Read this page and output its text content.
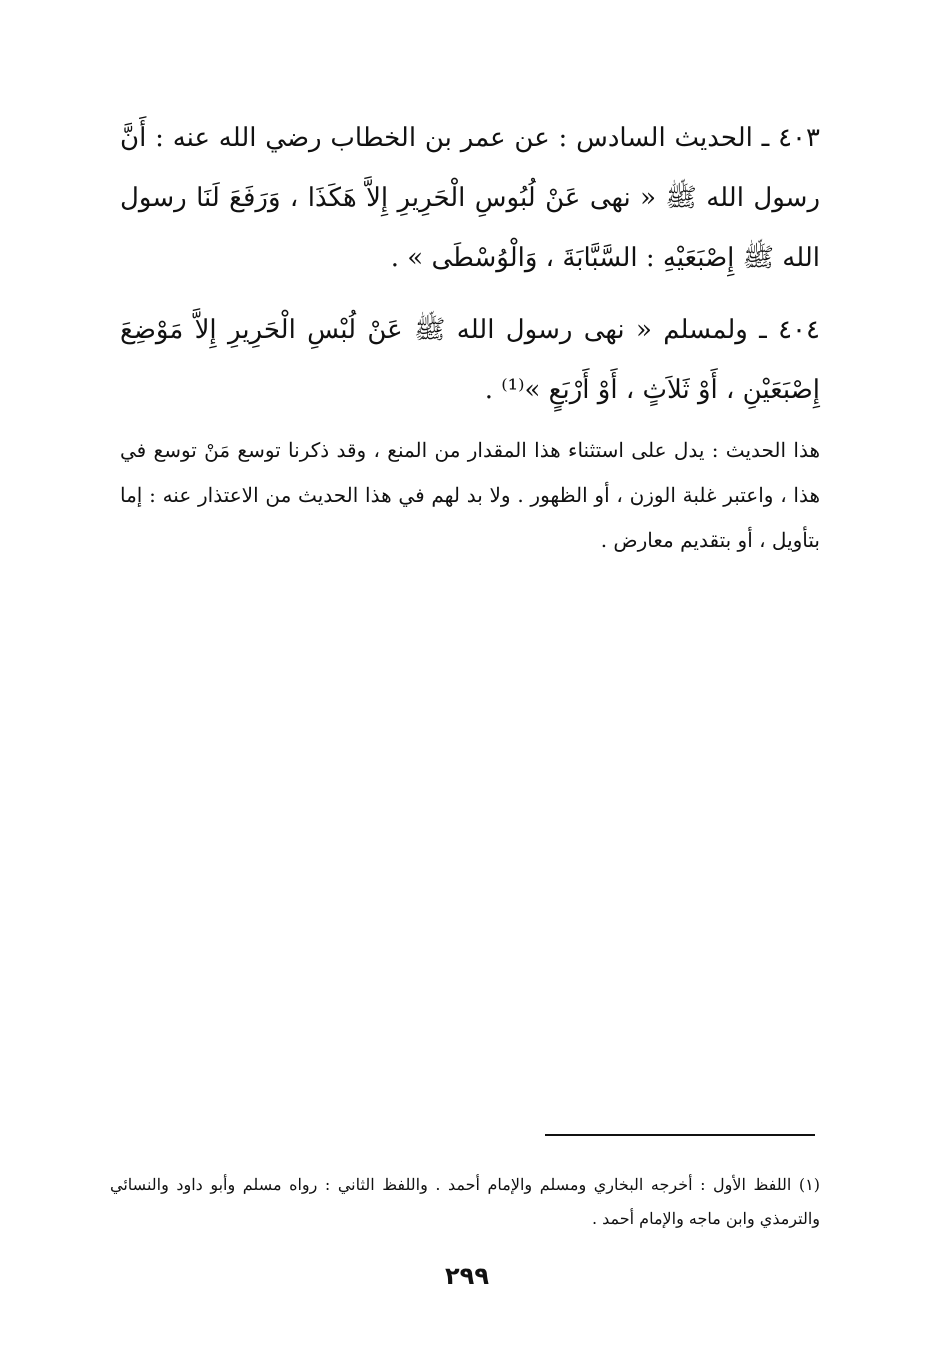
٤٠٣ ـ الحديث السادس : عن عمر بن الخطاب رضي الله عنه : أَنَّ رسول الله ﷺ « نهى عَنْ لُبُوسِ الْحَرِيرِ إِلاَّ هَكَذَا ، وَرَفَعَ لَنَا رسول الله ﷺ إِصْبَعَيْهِ : السَّبَّابَةَ ، وَالْوُسْطَى » .

٤٠٤ ـ ولمسلم « نهى رسول الله ﷺ عَنْ لُبْسِ الْحَرِيرِ إِلاَّ مَوْضِعَ إِصْبَعَيْنِ ، أَوْ ثَلاَثٍ ، أَوْ أَرْبَعٍ »⁽¹⁾ .

هذا الحديث : يدل على استثناء هذا المقدار من المنع ، وقد ذكرنا توسع مَنْ توسع في هذا ، واعتبر غلبة الوزن ، أو الظهور . ولا بد لهم في هذا الحديث من الاعتذار عنه : إما بتأويل ، أو بتقديم معارض .

(١) اللفظ الأول : أخرجه البخاري ومسلم والإمام أحمد . واللفظ الثاني : رواه مسلم وأبو داود والنسائي والترمذي وابن ماجه والإمام أحمد .

٢٩٩
